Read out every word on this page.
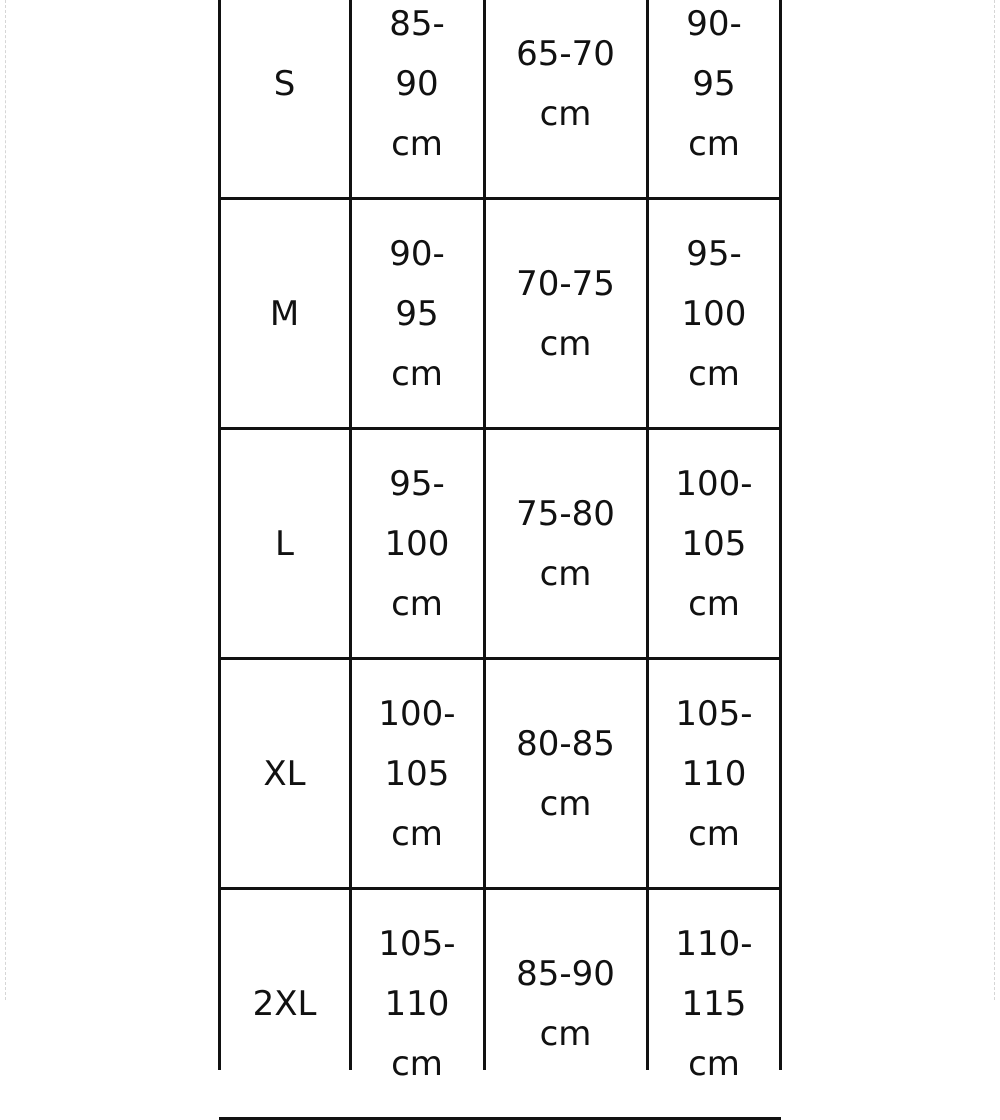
S
85-
90
cm
65-70
cm
90-
95
cm
M
90-
95
cm
70-75
cm
95-
100
cm
L
95-
100
cm
75-80
cm
100-
105
cm
XL
100-
105
cm
80-85
cm
105-
110
cm
2XL
105-
110
cm
85-90
cm
110-
115
cm
